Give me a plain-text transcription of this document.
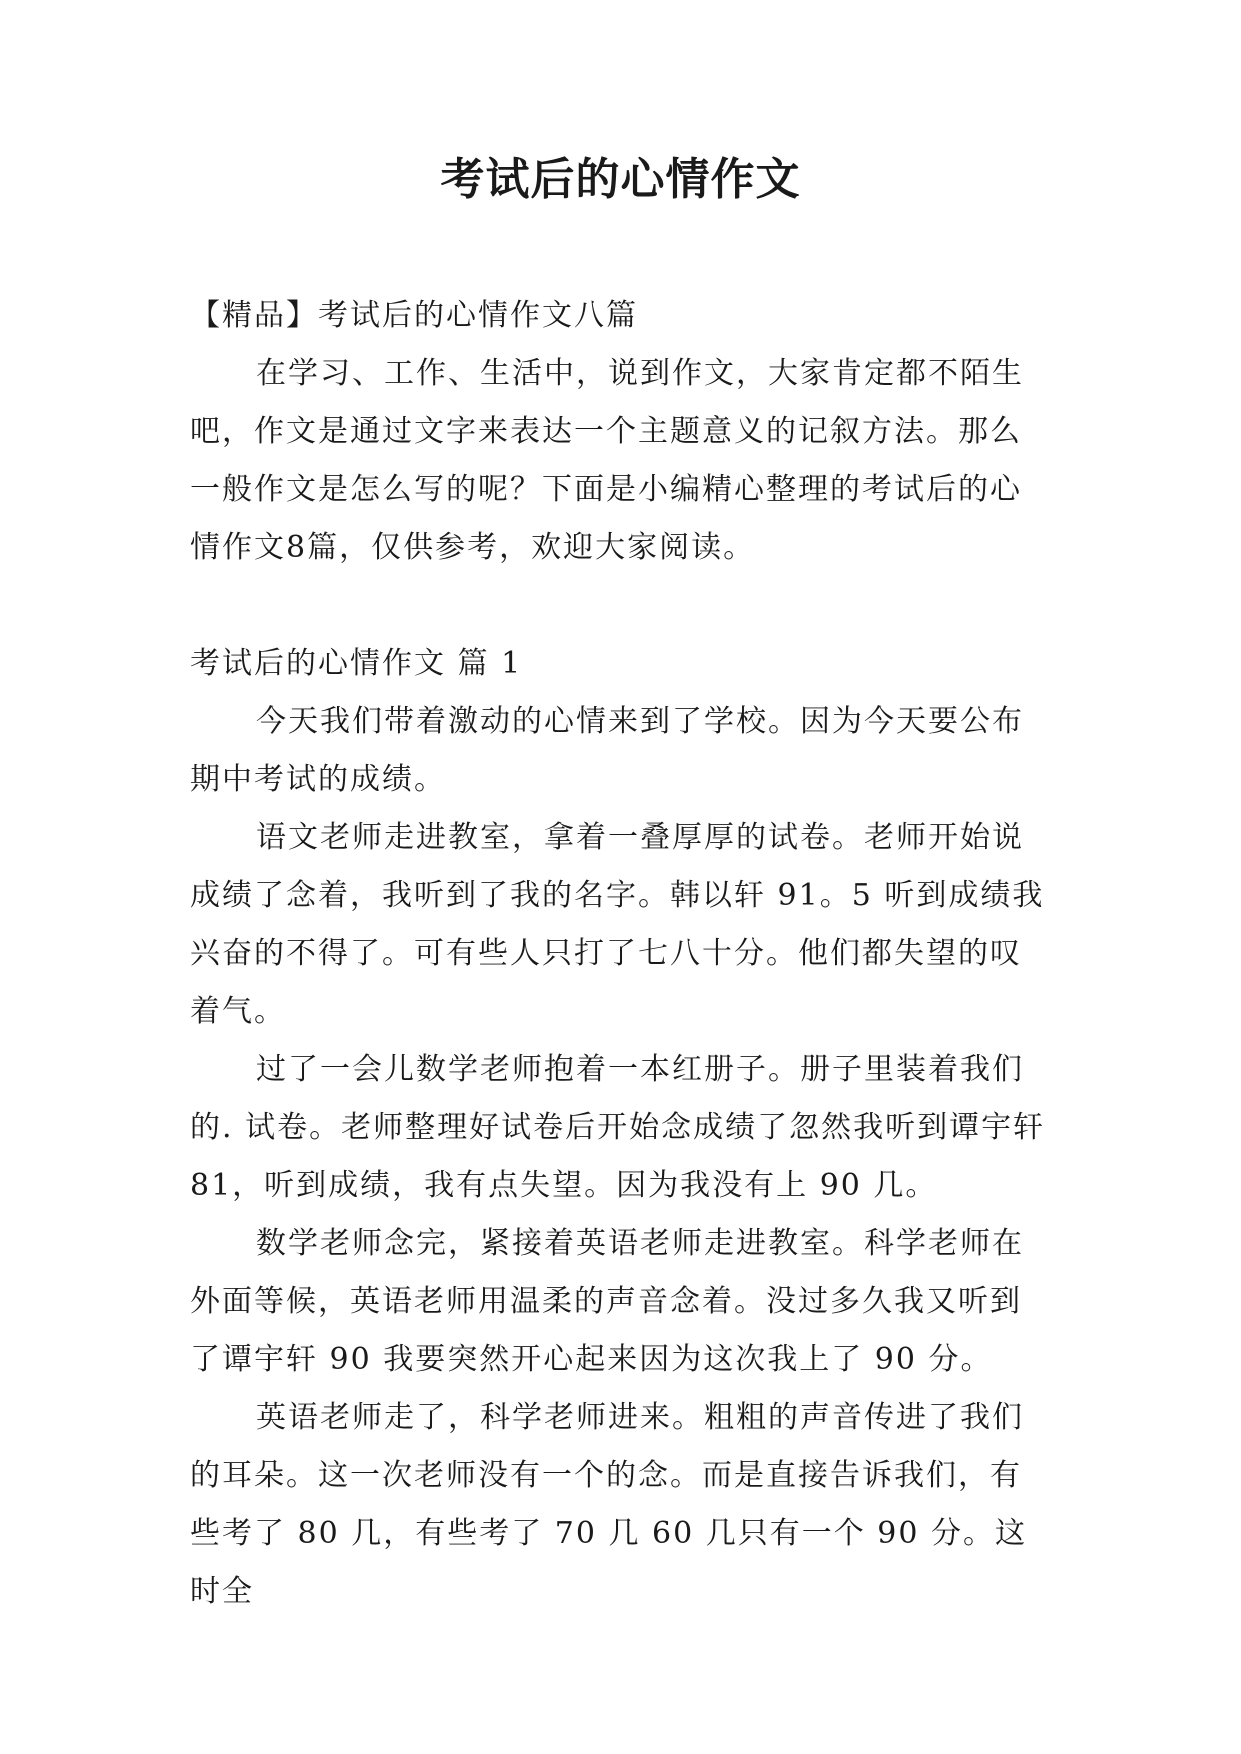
考试后的心情作文

【精品】考试后的心情作文八篇

在学习、工作、生活中，说到作文，大家肯定都不陌生吧，作文是通过文字来表达一个主题意义的记叙方法。那么一般作文是怎么写的呢？下面是小编精心整理的考试后的心情作文8篇，仅供参考，欢迎大家阅读。

考试后的心情作文 篇 1

今天我们带着激动的心情来到了学校。因为今天要公布期中考试的成绩。

语文老师走进教室，拿着一叠厚厚的试卷。老师开始说成绩了念着，我听到了我的名字。韩以轩 91。5 听到成绩我兴奋的不得了。可有些人只打了七八十分。他们都失望的叹着气。

过了一会儿数学老师抱着一本红册子。册子里装着我们的. 试卷。老师整理好试卷后开始念成绩了忽然我听到谭宇轩 81，听到成绩，我有点失望。因为我没有上 90 几。

数学老师念完，紧接着英语老师走进教室。科学老师在外面等候，英语老师用温柔的声音念着。没过多久我又听到了谭宇轩 90 我要突然开心起来因为这次我上了 90 分。

英语老师走了，科学老师进来。粗粗的声音传进了我们的耳朵。这一次老师没有一个的念。而是直接告诉我们，有些考了 80 几，有些考了 70 几 60 几只有一个 90 分。这时全
